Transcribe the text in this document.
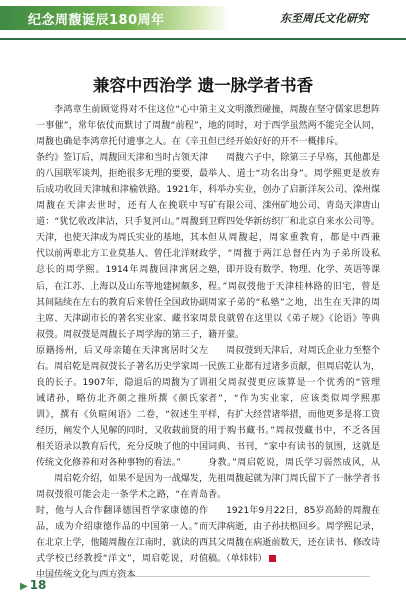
纪念周馥诞辰180周年	东至周氏文化研究
兼容中西治学 遗一脉学者书香

李鸿章生前顾觉得对不住这位“心中第一事催”，常年依仗而默讨了周馥“前程”，周馥也确是李鸿章托付遗事之人。在《辛丑条约》签订后，周馥回天津和当时占领天津的八国联军谈判，拒绝很多无理的要要，最后成功收回天津城和津榆铁路。1921年，周馥在天津去世时，还有人在挽联中写道：“犹忆收改津沽，只手复河山。”周馥到天津，也使天津成为周氏实业的基地，其本代以前两辈北方工业莫基人、曾任北洋财政总长的周学熙。1914年周馥回津寓居之后，在江苏、上海以及山东等地建树颇多，其间陆续在左右的教育后来曾任全国政协副主席、天津副市长的著名实业家、藏书家周叔弢。周叔弢是周馥长子周学海的第三子，原籍扬州，后又母亲随在天津寓居时父左右。周启乾是周叔弢长子著名历史学家周一良的长子。1907年，隐退后的周馥为了训诫诸孙，略仿北齐颜之推所撰《颜氏家训》，撰有《负暄闲语》二卷，“叙述生平经历，阐发个人见解的同时，又收载前贤的相关语录以教育后代，充分反映了他的中国传统文化修养和对各种事物的看法。”

周启乾介绍，如果不是因为一战爆发，周叔弢很可能会走一条学术之路，“在青岛时，他与人合作翻译德国哲学家康德的作品，成为介绍康德作品的中国第一人。”而在北京上学，他随周馥在江南时，就读的西式学校已经教授“洋文”，周启乾说，对值中国传统文化与西方资本

主义文明激烈碰撞，周馥在坚守儒家思想阵地的同时，对于西学虽然两不能完全认同，但已经开始好好的开不一概排斥。

周馥六子中，除第三子早殇，其他都是举人、道士“功名出身”。周学熙更是放弃科举办实业，创办了启新洋灰公司、滦州煤矿有限公司、滦州矿地公司、青岛天津唐山卫辉四处华新纺织厂和北京自来水公司等。但从周馥起，周家重教育，都是中西兼学，“周馥于两江总督任内为子弟所设私塾，即开设有数学、物理、化学、英语等课程。”周叔弢他于天津桂林路的旧宅，曾是周家子弟的“私塾”之地，出生在天津的周景良就曾在这里以《弟子规》《论语》等典籍开蒙。

周叔弢到天津后，对周氏企业力至整个民族工业都有过诸多贡献，但周启乾认为，祖父周叔弢更应该算是一个优秀的“管理者”，“作为实业家，应该类似周学熙那样，有扩大经营诸举措，而他更多是将工资用于购书藏书。”周叔弢藏书中，不乏各国词典、书刊，“家中有读书的氛围，这就是身教。”周启乾说，周氏学习弱然成风，从先祖周馥起就为津门周氏留下了一脉学者书香。

1921年9月22日，85岁高龄的周馥在天津病逝，由子孙扶柩回乡。周学熙记录，其父周馥在病逝前数天，还在读书、修改诗稿。（单炜炜）

▶ 18
